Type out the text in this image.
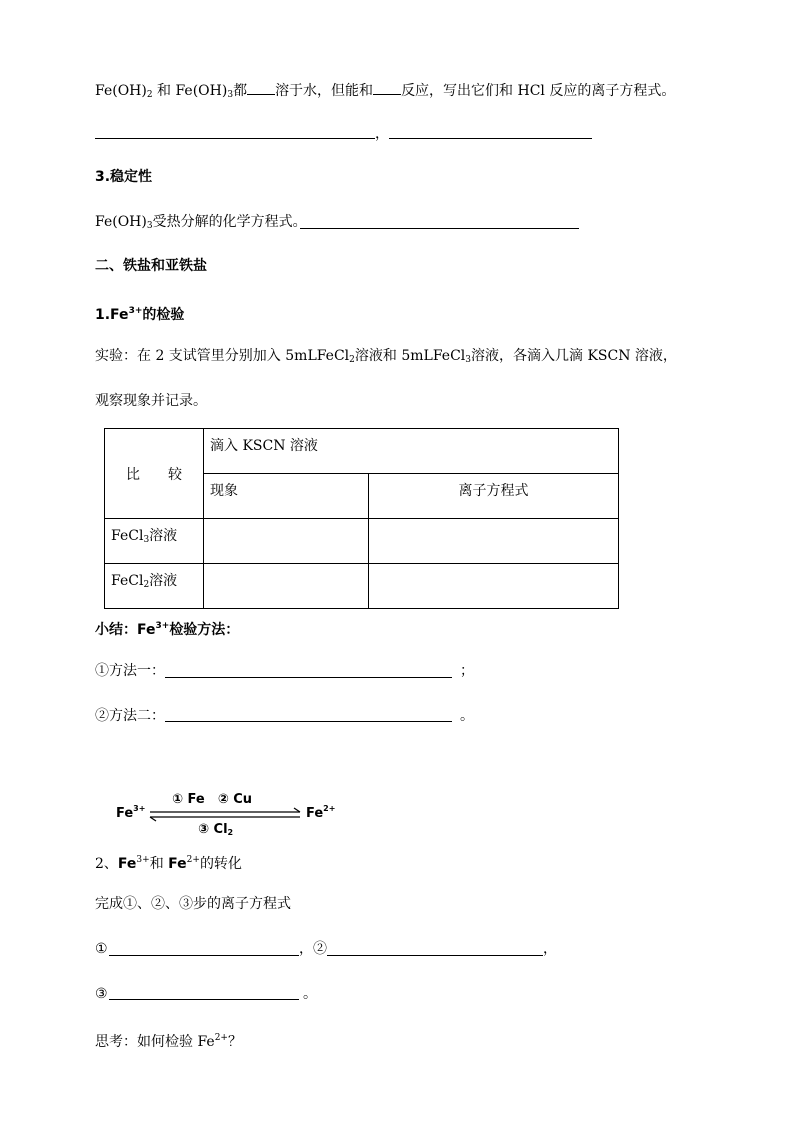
$Fe(OH)_2$ 和 $Fe(OH)_3$都 溶于水，但能和 反应，写出它们和 HCl 反应的离子方程式。
，
3.稳定性
$Fe(OH)_3$受热分解的化学方程式。
二、铁盐和亚铁盐
$1.Fe^{3+}$的检验
实验：在 2 支试管里分别加入 5mLFeCl$_2$溶液和 5mLFeCl$_3$溶液，各滴入几滴 KSCN 溶液，
观察现象并记录。
比　　较	滴入 KSCN 溶液	
	现象	离子方程式
FeCl$_3$溶液		
FeCl$_2$溶液		
小结：$Fe^{3+}$检验方法：
①方法一：	；
②方法二：	。
$Fe^{3+}$
① Fe　② Cu
③ $Cl_2$
$Fe^{2+}$
2、$Fe^{3+}$和 $Fe^{2+}$的转化
完成①、②、③步的离子方程式
①	，②	，
③	。
思考：如何检验 $Fe^{2+}$？
